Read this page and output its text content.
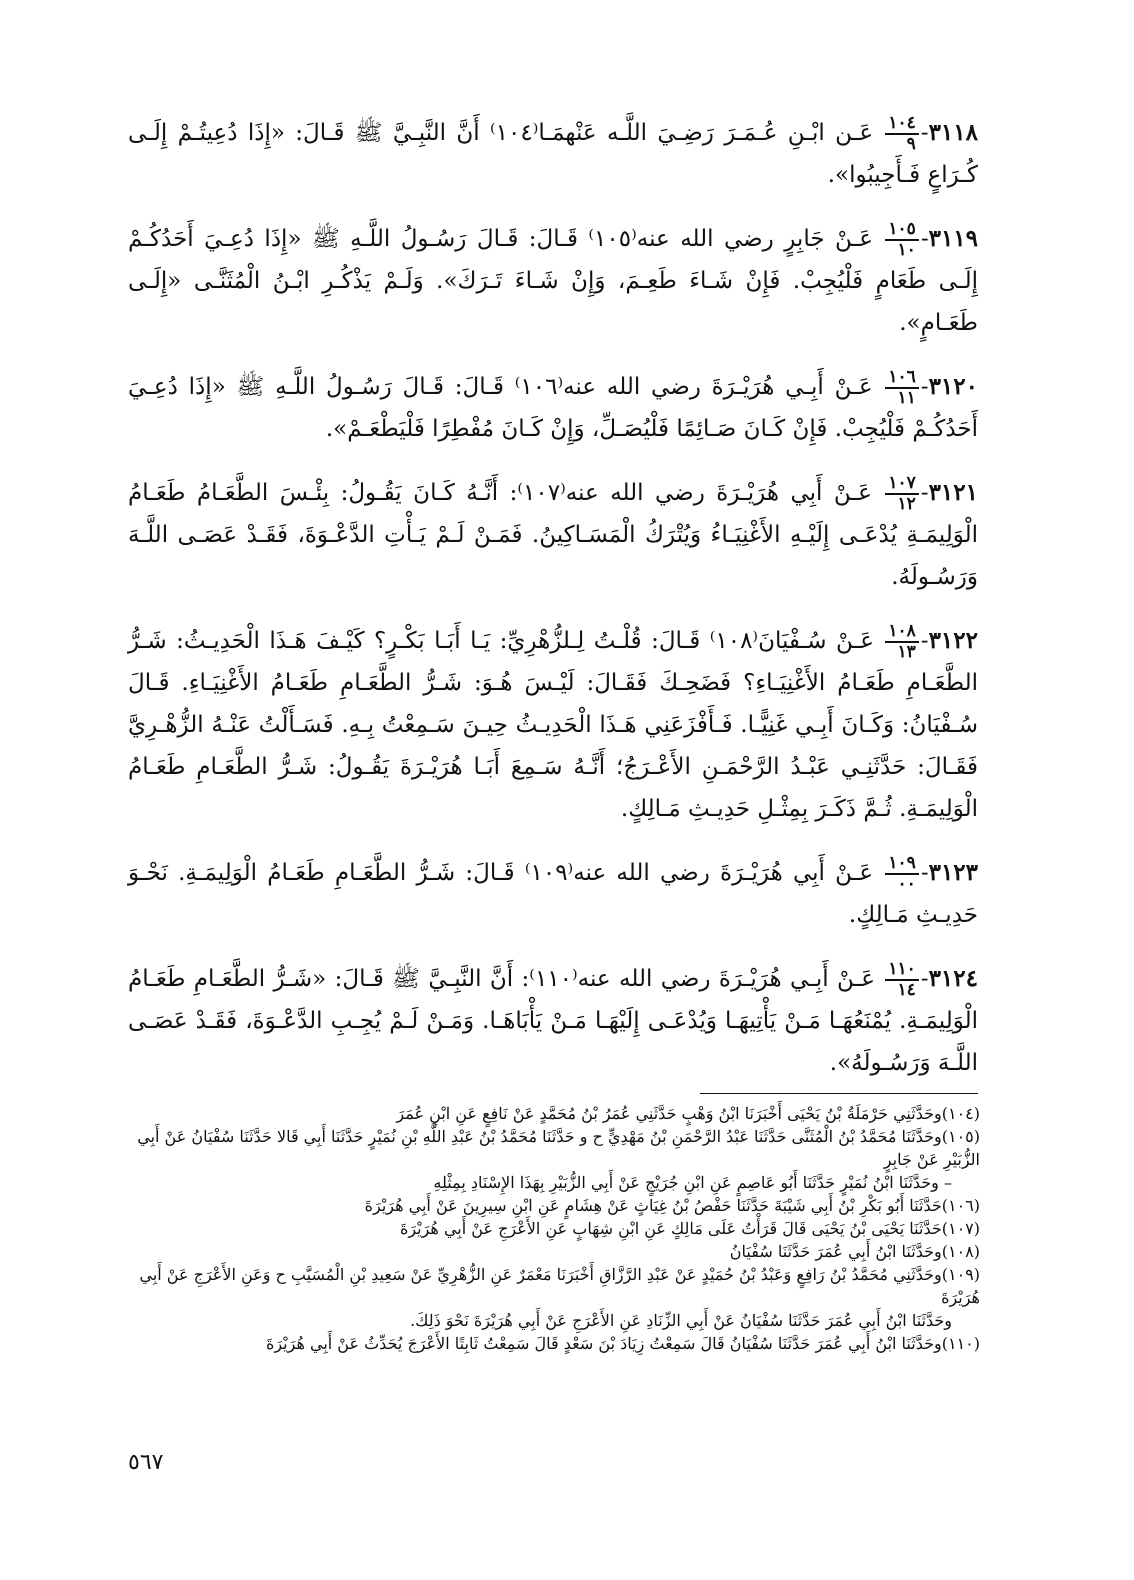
٣١١٨-
$\frac{١٠٤}{٩}$
عَـن ابْـنِ عُـمَـرَ رَضِـيَ اللَّـه عَنْهمَـا⁽١٠٤⁾ أَنَّ النَّبِـيَّ ﷺ قَـالَ: «إِذَا دُعِيتُـمْ إِلَـى كُـرَاعٍ فَـأَجِيبُوا».

٣١١٩-
$\frac{١٠٥}{١٠}$
عَـنْ جَابِرٍ رضي الله عنه⁽١٠٥⁾ قَـالَ: قَـالَ رَسُـولُ اللَّـهِ ﷺ «إِذَا دُعِـيَ أَحَدُكُـمْ إِلَـى طَعَامٍ فَلْيُجِبْ. فَإِنْ شَـاءَ طَعِـمَ، وَإِنْ شَـاءَ تَـرَكَ». وَلَـمْ يَذْكُـرِ ابْـنُ الْمُثَنَّـى «إِلَـى طَعَـامٍ».

٣١٢٠-
$\frac{١٠٦}{١١}$
عَـنْ أَبِـي هُرَيْـرَةَ رضي الله عنه⁽١٠٦⁾ قَـالَ: قَـالَ رَسُـولُ اللَّـهِ ﷺ «إِذَا دُعِـيَ أَحَدُكُـمْ فَلْيُجِبْ. فَإِنْ كَـانَ صَـائِمًا فَلْيُصَـلِّ، وَإِنْ كَـانَ مُفْطِرًا فَلْيَطْعَـمْ».

٣١٢١-
$\frac{١٠٧}{١٢}$
عَـنْ أَبِي هُرَيْـرَةَ رضي الله عنه⁽١٠٧⁾: أَنَّـهُ كَـانَ يَقُـولُ: بِئْـسَ الطَّعَـامُ طَعَـامُ الْوَلِيمَـةِ يُدْعَـى إِلَيْـهِ الأَغْنِيَـاءُ وَيُتْرَكُ الْمَسَـاكِينُ. فَمَـنْ لَـمْ يَـأْتِ الدَّعْـوَةَ، فَقَـدْ عَصَـى اللَّـهَ وَرَسُـولَهُ.

٣١٢٢-
$\frac{١٠٨}{١٣}$
عَـنْ سُـفْيَانَ⁽١٠٨⁾ قَـالَ: قُلْـتُ لِـلزُّهْرِيِّ: يَـا أَبَـا بَكْـرٍ؟ كَيْـفَ هَـذَا الْحَدِيـثُ: شَـرُّ الطَّعَـامِ طَعَـامُ الأَغْنِيَـاءِ؟ فَضَحِـكَ فَقَـالَ: لَيْـسَ هُـوَ: شَـرُّ الطَّعَـامِ طَعَـامُ الأَغْنِيَـاءِ. قَـالَ سُـفْيَانُ: وَكَـانَ أَبِـي غَنِيًّـا. فَـأَفْزَعَنِي هَـذَا الْحَدِيـثُ حِيـنَ سَـمِعْتُ بِـهِ. فَسَـأَلْتُ عَنْـهُ الزُّهْـرِيَّ فَقَـالَ: حَدَّثَنِـي عَبْـدُ الرَّحْمَـنِ الأَعْـرَجُ؛ أَنَّـهُ سَـمِعَ أَبَـا هُرَيْـرَةَ يَقُـولُ: شَـرُّ الطَّعَـامِ طَعَـامُ الْوَلِيمَـةِ. ثُـمَّ ذَكَـرَ بِمِثْـلِ حَدِيـثِ مَـالِكٍ.

٣١٢٣-
$\frac{١٠٩}{٠٠}$
عَـنْ أَبِي هُرَيْـرَةَ رضي الله عنه⁽١٠٩⁾ قَـالَ: شَـرُّ الطَّعَـامِ طَعَـامُ الْوَلِيمَـةِ. نَحْـوَ حَدِيـثِ مَـالِكٍ.

٣١٢٤-
$\frac{١١٠}{١٤}$
عَـنْ أَبِـي هُرَيْـرَةَ رضي الله عنه⁽١١٠⁾: أَنَّ النَّبِـيَّ ﷺ قَـالَ: «شَـرُّ الطَّعَـامِ طَعَـامُ الْوَلِيمَـةِ. يُمْنَعُهَـا مَـنْ يَأْتِيهَـا وَيُدْعَـى إِلَيْهَـا مَـنْ يَأْبَاهَـا. وَمَـنْ لَـمْ يُجِـبِ الدَّعْـوَةَ، فَقَـدْ عَصَـى اللَّـهَ وَرَسُـولَهُ».

(١٠٤)وحَدَّثَنِي حَرْمَلَةُ بْنُ يَحْيَى أَخْبَرَنَا ابْنُ وَهْبٍ حَدَّثَنِي عُمَرُ بْنُ مُحَمَّدٍ عَنْ نَافِعٍ عَنِ ابْنِ عُمَرَ

(١٠٥)وحَدَّثَنَا مُحَمَّدُ بْنُ الْمُثَنَّى حَدَّثَنَا عَبْدُ الرَّحْمَنِ بْنُ مَهْدِيٍّ ح و حَدَّثَنَا مُحَمَّدُ بْنُ عَبْدِ اللَّهِ بْنِ نُمَيْرٍ حَدَّثَنَا أَبِي قَالا حَدَّثَنَا سُفْيَانُ عَنْ أَبِي الزُّبَيْرِ عَنْ جَابِرٍ

– وحَدَّثَنَا ابْنُ نُمَيْرٍ حَدَّثَنَا أَبُو عَاصِمٍ عَنِ ابْنِ جُرَيْجٍ عَنْ أَبِي الزُّبَيْرِ بِهَذَا الإِسْنَادِ بِمِثْلِهِ

(١٠٦)حَدَّثَنَا أَبُو بَكْرِ بْنُ أَبِي شَيْبَةَ حَدَّثَنَا حَفْصُ بْنُ غِيَاثٍ عَنْ هِشَامٍ عَنِ ابْنِ سِيرِينَ عَنْ أَبِي هُرَيْرَةَ

(١٠٧)حَدَّثَنَا يَحْيَى بْنُ يَحْيَى قَالَ قَرَأْتُ عَلَى مَالِكٍ عَنِ ابْنِ شِهَابٍ عَنِ الأَعْرَجِ عَنْ أَبِي هُرَيْرَةَ

(١٠٨)وحَدَّثَنَا ابْنُ أَبِي عُمَرَ حَدَّثَنَا سُفْيَانُ

(١٠٩)وحَدَّثَنِي مُحَمَّدُ بْنُ رَافِعٍ وَعَبْدُ بْنُ حُمَيْدٍ عَنْ عَبْدِ الرَّزَّاقِ أَخْبَرَنَا مَعْمَرٌ عَنِ الزُّهْرِيِّ عَنْ سَعِيدِ بْنِ الْمُسَيَّبِ ح وَعَنِ الأَعْرَجِ عَنْ أَبِي هُرَيْرَةَ

وحَدَّثَنَا ابْنُ أَبِي عُمَرَ حَدَّثَنَا سُفْيَانُ عَنْ أَبِي الزِّنَادِ عَنِ الأَعْرَجِ عَنْ أَبِي هُرَيْرَةَ نَحْوَ ذَلِكَ.

(١١٠)وحَدَّثَنَا ابْنُ أَبِي عُمَرَ حَدَّثَنَا سُفْيَانُ قَالَ سَمِعْتُ زِيَادَ بْنَ سَعْدٍ قَالَ سَمِعْتُ ثَابِتًا الأَعْرَجَ يُحَدِّثُ عَنْ أَبِي هُرَيْرَةَ

٥٦٧
